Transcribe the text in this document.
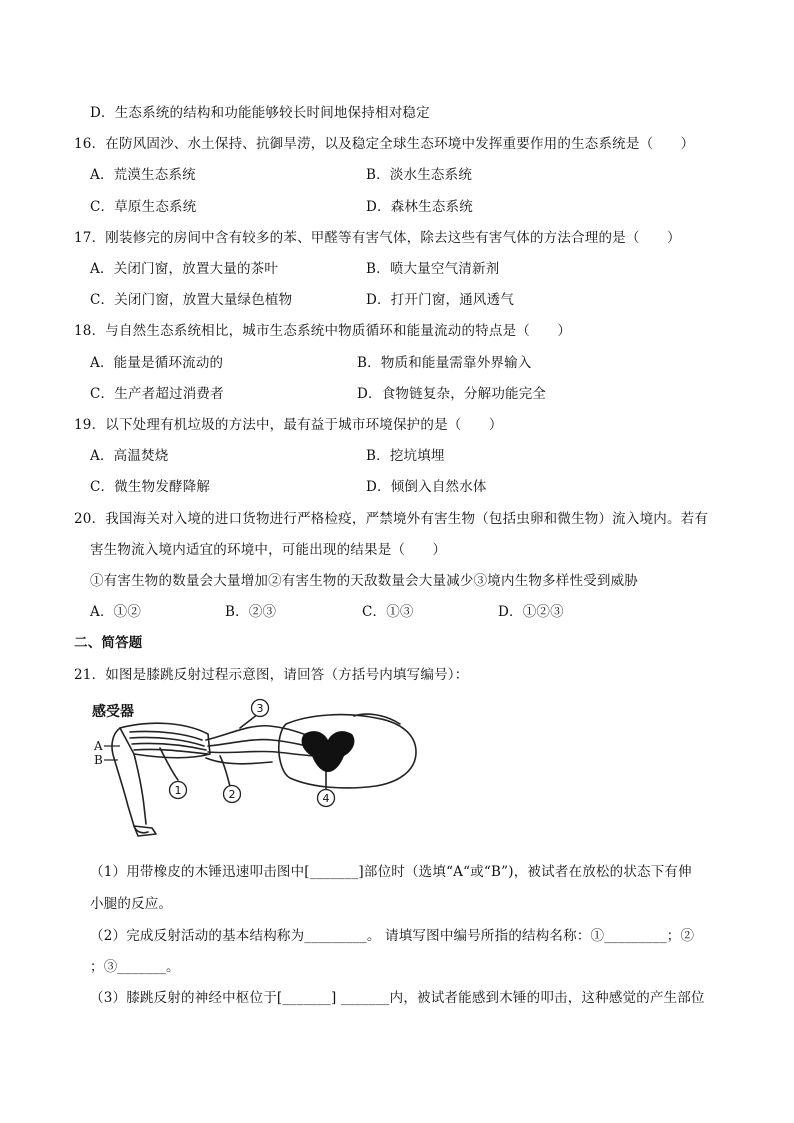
D．生态系统的结构和功能能够较长时间地保持相对稳定
16．在防风固沙、水土保持、抗御旱涝，以及稳定全球生态环境中发挥重要作用的生态系统是（　　）
A．荒漠生态系统	B．淡水生态系统
C．草原生态系统	D．森林生态系统
17．刚装修完的房间中含有较多的苯、甲醛等有害气体，除去这些有害气体的方法合理的是（　　）
A．关闭门窗，放置大量的茶叶	B．喷大量空气清新剂
C．关闭门窗，放置大量绿色植物	D．打开门窗，通风透气
18．与自然生态系统相比，城市生态系统中物质循环和能量流动的特点是（　　）
A．能量是循环流动的	B．物质和能量需靠外界输入
C．生产者超过消费者	D．食物链复杂，分解功能完全
19．以下处理有机垃圾的方法中，最有益于城市环境保护的是（　　）
A．高温焚烧	B．挖坑填埋
C．微生物发酵降解	D．倾倒入自然水体
20．我国海关对入境的进口货物进行严格检疫，严禁境外有害生物（包括虫卵和微生物）流入境内。若有
害生物流入境内适宜的环境中，可能出现的结果是（　　）
①有害生物的数量会大量增加②有害生物的天敌数量会大量减少③境内生物多样性受到威胁
A．①②	B．②③	C．①③	D．①②③
二、简答题
21．如图是膝跳反射过程示意图，请回答（方括号内填写编号）：
1	2
3
4
感受器
A
B
（1）用带橡皮的木锤迅速叩击图中[_______]部位时（选填“A“或“B”)，被试者在放松的状态下有伸
小腿的反应。
（2）完成反射活动的基本结构称为_________。 请填写图中编号所指的结构名称：①_________；②
；③_______。
（3）膝跳反射的神经中枢位于[_______] _______内，被试者能感到木锤的叩击，这种感觉的产生部位
